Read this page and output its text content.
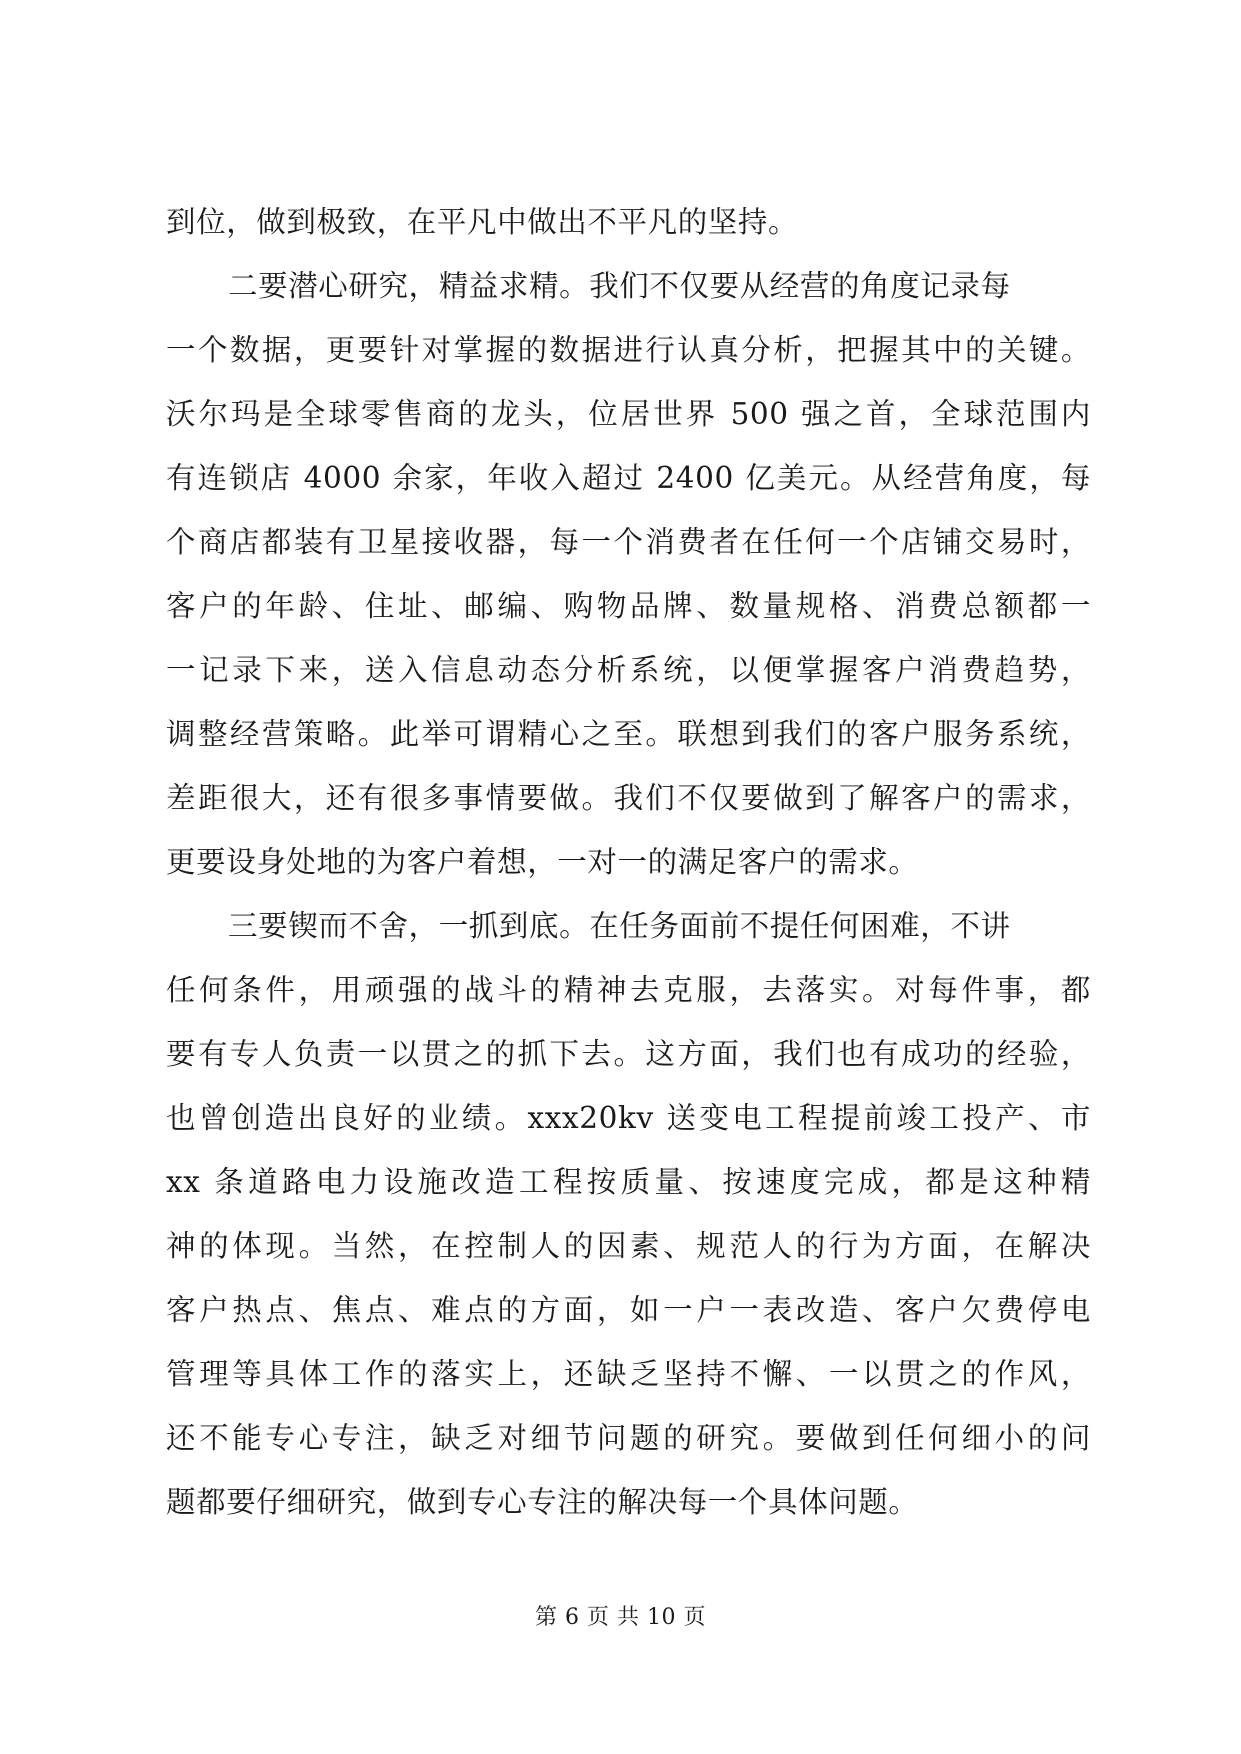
到位，做到极致，在平凡中做出不平凡的坚持。
二要潜心研究，精益求精。我们不仅要从经营的角度记录每
一个数据，更要针对掌握的数据进行认真分析，把握其中的关键。
沃尔玛是全球零售商的龙头，位居世界 500 强之首，全球范围内
有连锁店 4000 余家，年收入超过 2400 亿美元。从经营角度，每
个商店都装有卫星接收器，每一个消费者在任何一个店铺交易时，
客户的年龄、住址、邮编、购物品牌、数量规格、消费总额都一
一记录下来，送入信息动态分析系统，以便掌握客户消费趋势，
调整经营策略。此举可谓精心之至。联想到我们的客户服务系统，
差距很大，还有很多事情要做。我们不仅要做到了解客户的需求，
更要设身处地的为客户着想，一对一的满足客户的需求。
三要锲而不舍，一抓到底。在任务面前不提任何困难，不讲
任何条件，用顽强的战斗的精神去克服，去落实。对每件事，都
要有专人负责一以贯之的抓下去。这方面，我们也有成功的经验，
也曾创造出良好的业绩。xxx20kv 送变电工程提前竣工投产、市
xx 条道路电力设施改造工程按质量、按速度完成，都是这种精
神的体现。当然，在控制人的因素、规范人的行为方面，在解决
客户热点、焦点、难点的方面，如一户一表改造、客户欠费停电
管理等具体工作的落实上，还缺乏坚持不懈、一以贯之的作风，
还不能专心专注，缺乏对细节问题的研究。要做到任何细小的问
题都要仔细研究，做到专心专注的解决每一个具体问题。
第 6 页 共 10 页
